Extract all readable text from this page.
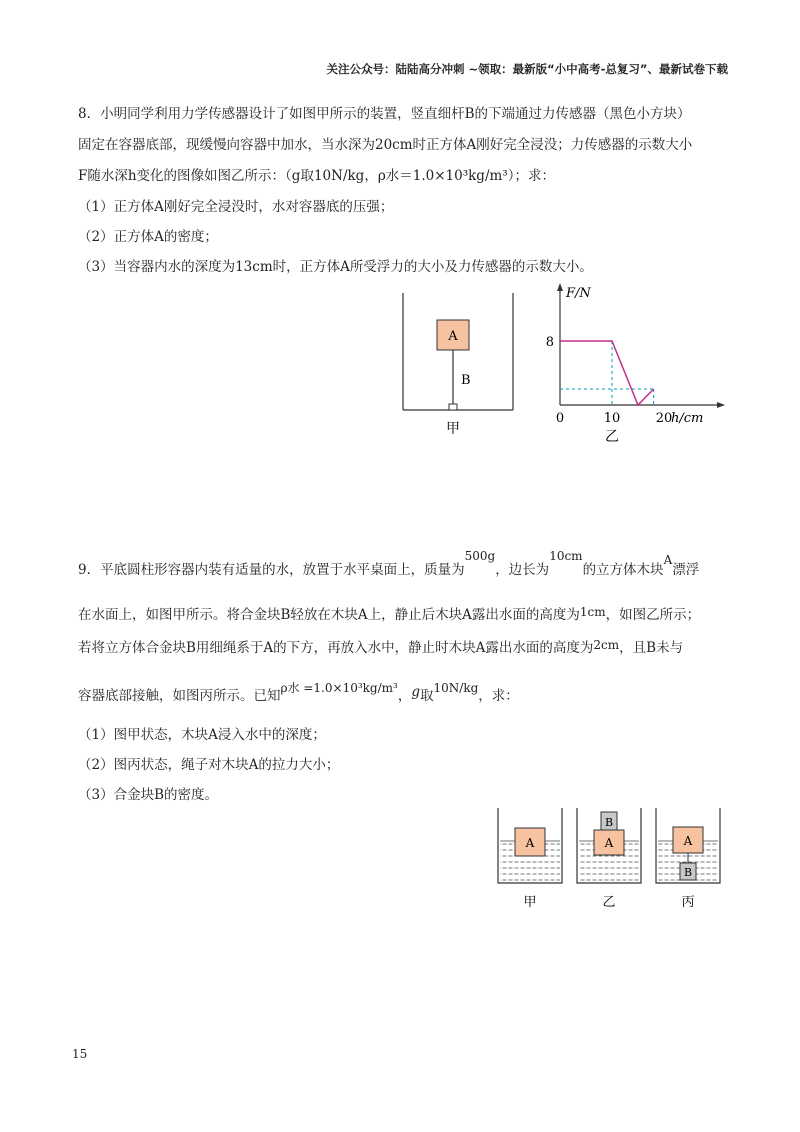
关注公众号：陆陆高分冲刺 ~领取：最新版“小中高考-总复习”、最新试卷下载
8．小明同学利用力学传感器设计了如图甲所示的装置，竖直细杆B的下端通过力传感器（黑色小方块）
固定在容器底部，现缓慢向容器中加水，当水深为20cm时正方体A刚好完全浸没；力传感器的示数大小
F随水深h变化的图像如图乙所示：（g取10N/kg，ρ水＝1.0×10³kg/m³）；求：
（1）正方体A刚好完全浸没时，水对容器底的压强；
（2）正方体A的密度；
（3）当容器内水的深度为13cm时，正方体A所受浮力的大小及力传感器的示数大小。
A
B
甲
F/N
h/cm
0	10	20
8
乙
9．平底圆柱形容器内装有适量的水，放置于水平桌面上，质量为500g，边长为10cm的立方体木块A漂浮
在水面上，如图甲所示。将合金块B轻放在木块A上，静止后木块A露出水面的高度为1cm，如图乙所示；
若将立方体合金块B用细绳系于A的下方，再放入水中，静止时木块A露出水面的高度为2cm，且B未与
容器底部接触，如图丙所示。已知ρ水 =1.0×10³kg/m³，g取10N/kg，求：
（1）图甲状态，木块A浸入水中的深度；
（2）图丙状态，绳子对木块A的拉力大小；
（3）合金块B的密度。
A
甲
A
B
乙
A
B
丙
15
